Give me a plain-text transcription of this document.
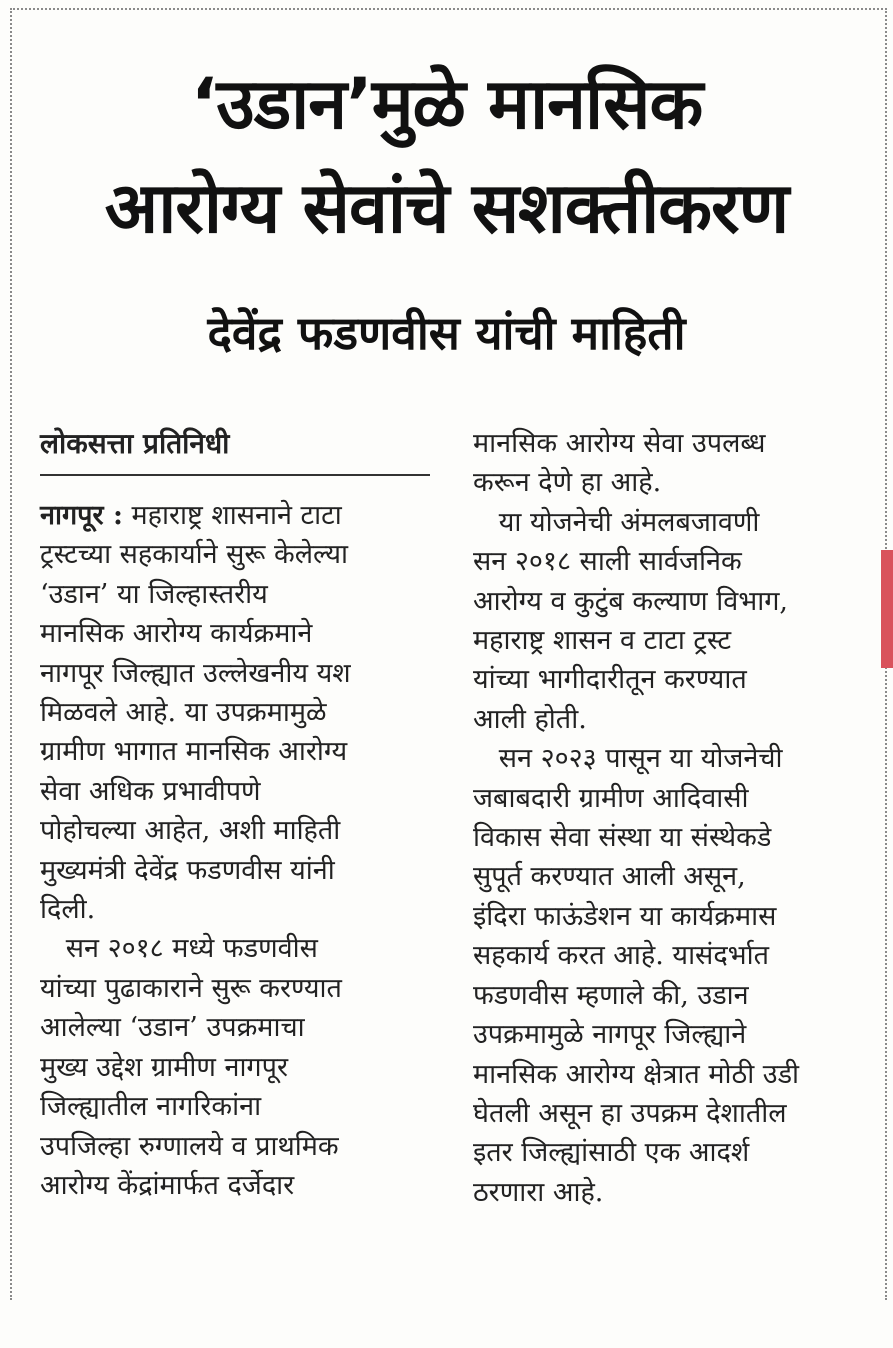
‘उडान’मुळे मानसिक
आरोग्य सेवांचे सशक्तीकरण
देवेंद्र फडणवीस यांची माहिती
लोकसत्ता प्रतिनिधी
नागपूर : महाराष्ट्र शासनाने टाटा
ट्रस्टच्या सहकार्याने सुरू केलेल्या
‘उडान’ या जिल्हास्तरीय
मानसिक आरोग्य कार्यक्रमाने
नागपूर जिल्ह्यात उल्लेखनीय यश
मिळवले आहे. या उपक्रमामुळे
ग्रामीण भागात मानसिक आरोग्य
सेवा अधिक प्रभावीपणे
पोहोचल्या आहेत, अशी माहिती
मुख्यमंत्री देवेंद्र फडणवीस यांनी
दिली.
सन २०१८ मध्ये फडणवीस
यांच्या पुढाकाराने सुरू करण्यात
आलेल्या ‘उडान’ उपक्रमाचा
मुख्य उद्देश ग्रामीण नागपूर
जिल्ह्यातील नागरिकांना
उपजिल्हा रुग्णालये व प्राथमिक
आरोग्य केंद्रांमार्फत दर्जेदार
मानसिक आरोग्य सेवा उपलब्ध
करून देणे हा आहे.
या योजनेची अंमलबजावणी
सन २०१८ साली सार्वजनिक
आरोग्य व कुटुंब कल्याण विभाग,
महाराष्ट्र शासन व टाटा ट्रस्ट
यांच्या भागीदारीतून करण्यात
आली होती.
सन २०२३ पासून या योजनेची
जबाबदारी ग्रामीण आदिवासी
विकास सेवा संस्था या संस्थेकडे
सुपूर्त करण्यात आली असून,
इंदिरा फाऊंडेशन या कार्यक्रमास
सहकार्य करत आहे. यासंदर्भात
फडणवीस म्हणाले की, उडान
उपक्रमामुळे नागपूर जिल्ह्याने
मानसिक आरोग्य क्षेत्रात मोठी उडी
घेतली असून हा उपक्रम देशातील
इतर जिल्ह्यांसाठी एक आदर्श
ठरणारा आहे.
